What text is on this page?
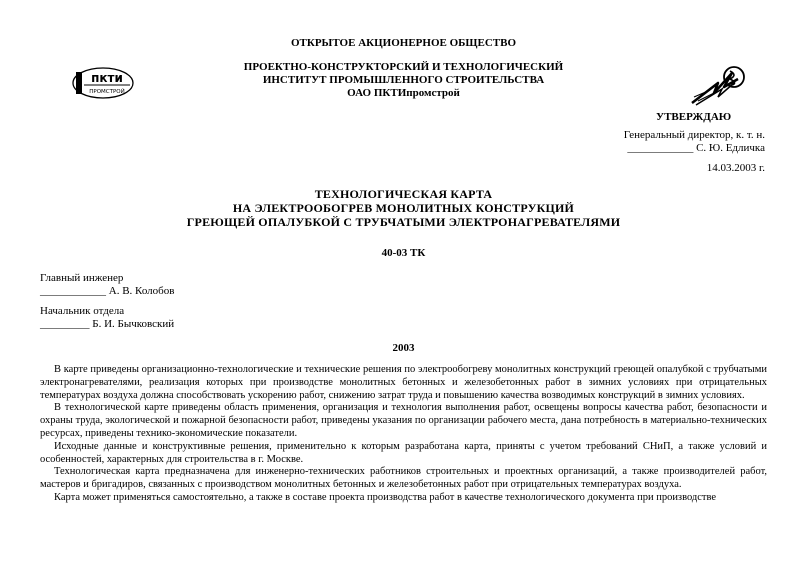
ОТКРЫТОЕ АКЦИОНЕРНОЕ ОБЩЕСТВО
ПРОЕКТНО-КОНСТРУКТОРСКИЙ И ТЕХНОЛОГИЧЕСКИЙ
ИНСТИТУТ ПРОМЫШЛЕННОГО СТРОИТЕЛЬСТВА
ОАО ПКТИпромстрой
пкти
ПРОМСТРОЙ
УТВЕРЖДАЮ
Генеральный директор, к. т. н.
____________ С. Ю. Едличка
14.03.2003 г.
ТЕХНОЛОГИЧЕСКАЯ КАРТА
НА ЭЛЕКТРООБОГРЕВ МОНОЛИТНЫХ КОНСТРУКЦИЙ
ГРЕЮЩЕЙ ОПАЛУБКОЙ С ТРУБЧАТЫМИ ЭЛЕКТРОНАГРЕВАТЕЛЯМИ
40-03 ТК
Главный инженер
____________ А. В. Колобов
Начальник отдела
_________ Б. И. Бычковский
2003

В карте приведены организационно-технологические и технические решения по электрообогреву монолитных конструкций греющей опалубкой с трубчатыми электронагревателями, реализация которых при производстве монолитных бетонных и железобетонных работ в зимних условиях при отрицательных температурах воздуха должна способствовать ускорению работ, снижению затрат труда и повышению качества возводимых конструкций в зимних условиях.

В технологической карте приведены область применения, организация и технология выполнения работ, освещены вопросы качества работ, безопасности и охраны труда, экологической и пожарной безопасности работ, приведены указания по организации рабочего места, дана потребность в материально-технических ресурсах, приведены технико-экономические показатели.

Исходные данные и конструктивные решения, применительно к которым разработана карта, приняты с учетом требований СНиП, а также условий и особенностей, характерных для строительства в г. Москве.

Технологическая карта предназначена для инженерно-технических работников строительных и проектных организаций, а также производителей работ, мастеров и бригадиров, связанных с производством монолитных бетонных и железобетонных работ при отрицательных температурах воздуха.

Карта может применяться самостоятельно, а также в составе проекта производства работ в качестве технологического документа при производстве
